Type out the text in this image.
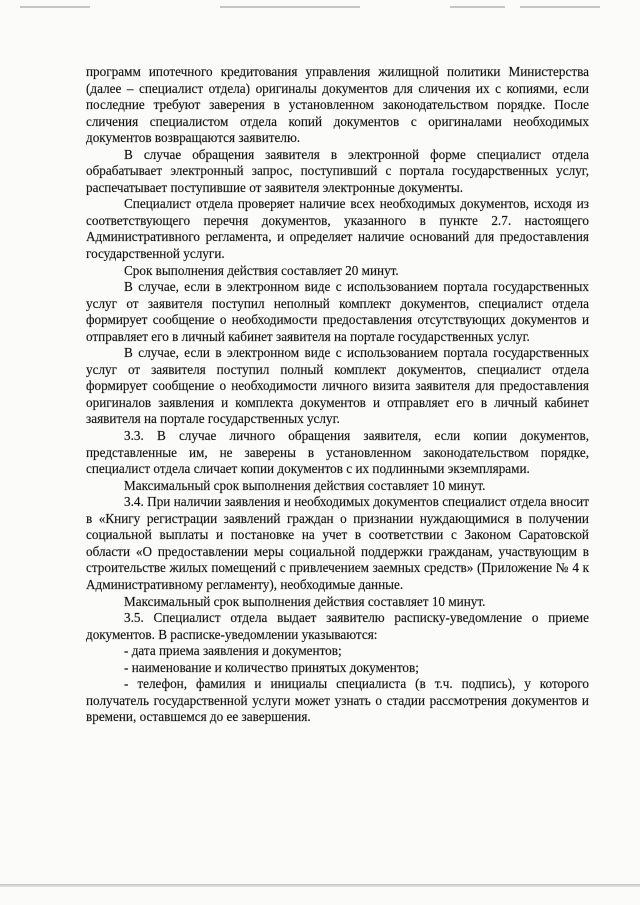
программ ипотечного кредитования управления жилищной политики Министерства (далее – специалист отдела) оригиналы документов для сличения их с копиями, если последние требуют заверения в установленном законодательством порядке. После сличения специалистом отдела копий документов с оригиналами необходимых документов возвращаются заявителю.

В случае обращения заявителя в электронной форме специалист отдела обрабатывает электронный запрос, поступивший с портала государственных услуг, распечатывает поступившие от заявителя электронные документы.

Специалист отдела проверяет наличие всех необходимых документов, исходя из соответствующего перечня документов, указанного в пункте 2.7. настоящего Административного регламента, и определяет наличие оснований для предоставления государственной услуги.

Срок выполнения действия составляет 20 минут.

В случае, если в электронном виде с использованием портала государственных услуг от заявителя поступил неполный комплект документов, специалист отдела формирует сообщение о необходимости предоставления отсутствующих документов и отправляет его в личный кабинет заявителя на портале государственных услуг.

В случае, если в электронном виде с использованием портала государственных услуг от заявителя поступил полный комплект документов, специалист отдела формирует сообщение о необходимости личного визита заявителя для предоставления оригиналов заявления и комплекта документов и отправляет его в личный кабинет заявителя на портале государственных услуг.

3.3. В случае личного обращения заявителя, если копии документов, представленные им, не заверены в установленном законодательством порядке, специалист отдела сличает копии документов с их подлинными экземплярами.

Максимальный срок выполнения действия составляет 10 минут.

3.4. При наличии заявления и необходимых документов специалист отдела вносит в «Книгу регистрации заявлений граждан о признании нуждающимися в получении социальной выплаты и постановке на учет в соответствии с Законом Саратовской области «О предоставлении меры социальной поддержки гражданам, участвующим в строительстве жилых помещений с привлечением заемных средств» (Приложение № 4 к Административному регламенту), необходимые данные.

Максимальный срок выполнения действия составляет 10 минут.

3.5. Специалист отдела выдает заявителю расписку-уведомление о приеме документов. В расписке-уведомлении указываются:

- дата приема заявления и документов;

- наименование и количество принятых документов;

- телефон, фамилия и инициалы специалиста (в т.ч. подпись), у которого получатель государственной услуги может узнать о стадии рассмотрения документов и времени, оставшемся до ее завершения.
